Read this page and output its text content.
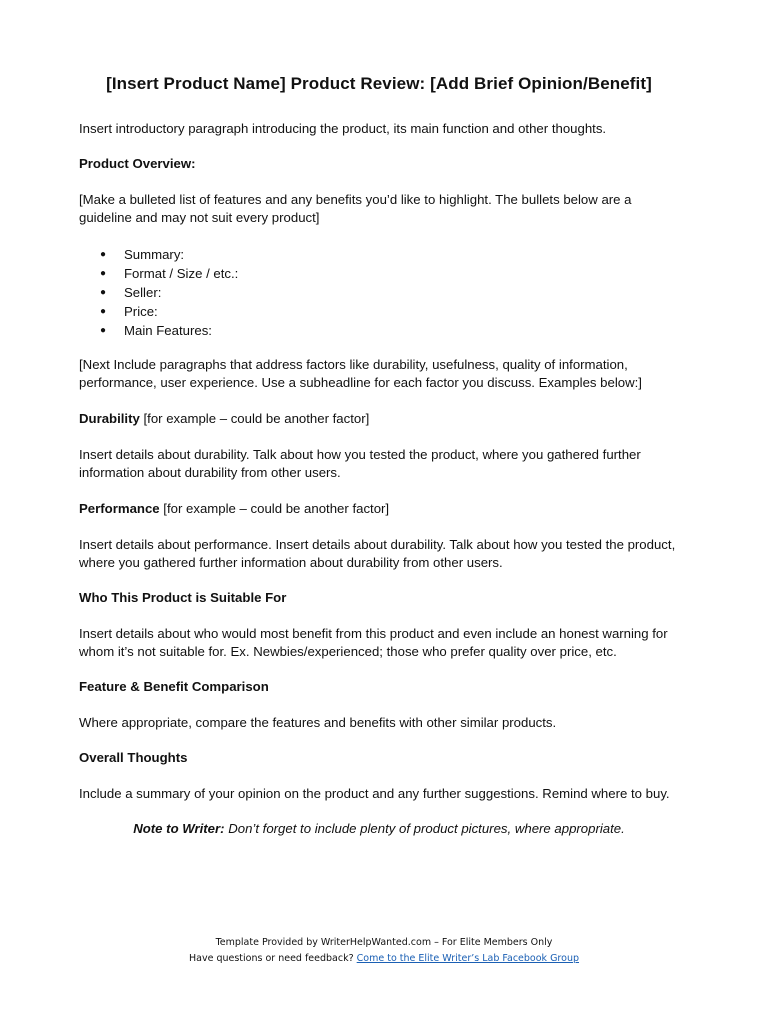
[Insert Product Name] Product Review: [Add Brief Opinion/Benefit]

Insert introductory paragraph introducing the product, its main function and other thoughts.

Product Overview:

[Make a bulleted list of features and any benefits you’d like to highlight. The bullets below are a guideline and may not suit every product]

● Summary:
● Format / Size / etc.:
● Seller:
● Price:
● Main Features:

[Next Include paragraphs that address factors like durability, usefulness, quality of information, performance, user experience. Use a subheadline for each factor you discuss. Examples below:]

Durability [for example – could be another factor]

Insert details about durability. Talk about how you tested the product, where you gathered further information about durability from other users.

Performance [for example – could be another factor]

Insert details about performance. Insert details about durability. Talk about how you tested the product, where you gathered further information about durability from other users.

Who This Product is Suitable For

Insert details about who would most benefit from this product and even include an honest warning for whom it’s not suitable for. Ex. Newbies/experienced; those who prefer quality over price, etc.

Feature & Benefit Comparison

Where appropriate, compare the features and benefits with other similar products.

Overall Thoughts

Include a summary of your opinion on the product and any further suggestions. Remind where to buy.

Note to Writer: Don’t forget to include plenty of product pictures, where appropriate.

Template Provided by WriterHelpWanted.com – For Elite Members Only
Have questions or need feedback? Come to the Elite Writer’s Lab Facebook Group
